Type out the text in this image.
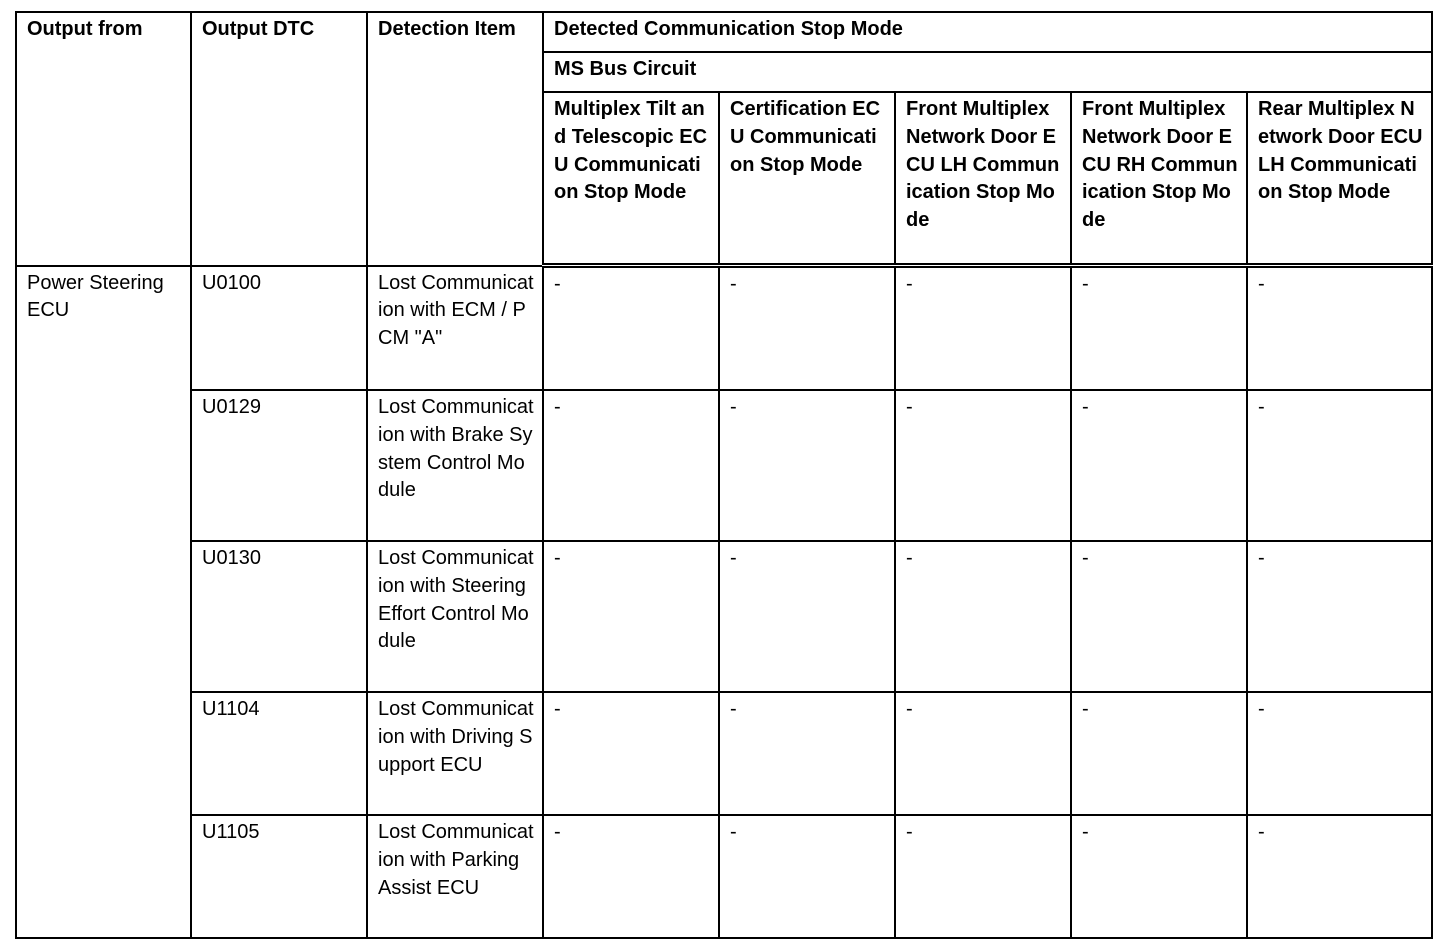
Output from	Output DTC	Detection Item	Detected Communication Stop Mode				
			MS Bus Circuit				
			Multiplex Tilt and Telescopic ECU Communication Stop Mode	Certification ECU Communication Stop Mode	Front Multiplex Network Door ECU LH Communication Stop Mode	Front Multiplex Network Door ECU RH Communication Stop Mode	Rear Multiplex Network Door ECU LH Communication Stop Mode
Power Steering ECU	U0100	Lost Communication with ECM / PCM "A"	-	-	-	-	-
	U0129	Lost Communication with Brake System Control Module	-	-	-	-	-
	U0130	Lost Communication with Steering Effort Control Module	-	-	-	-	-
	U1104	Lost Communication with Driving Support ECU	-	-	-	-	-
	U1105	Lost Communication with Parking Assist ECU	-	-	-	-	-
